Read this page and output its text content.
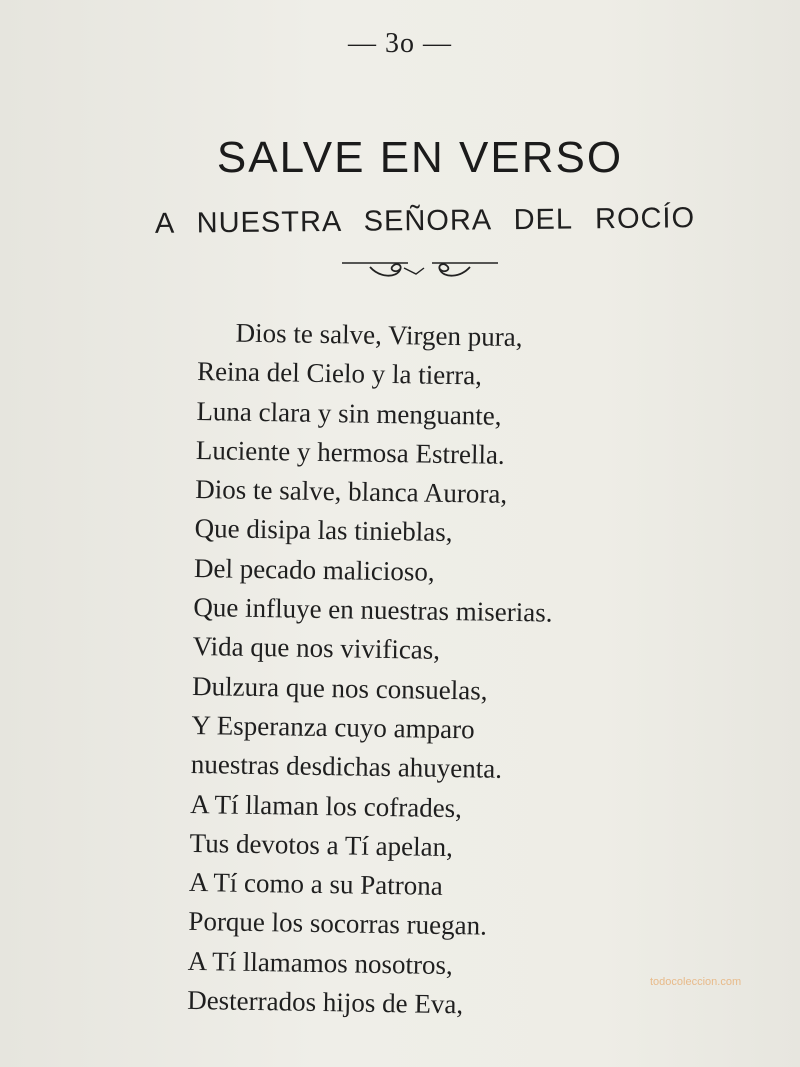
— 3o —
SALVE EN VERSO
A NUESTRA SEÑORA DEL ROCÍO
Dios te salve, Virgen pura,
Reina del Cielo y la tierra,
Luna clara y sin menguante,
Luciente y hermosa Estrella.
Dios te salve, blanca Aurora,
Que disipa las tinieblas,
Del pecado malicioso,
Que influye en nuestras miserias.
Vida que nos vivificas,
Dulzura que nos consuelas,
Y Esperanza cuyo amparo
nuestras desdichas ahuyenta.
A Tí llaman los cofrades,
Tus devotos a Tí apelan,
A Tí como a su Patrona
Porque los socorras ruegan.
A Tí llamamos nosotros,
Desterrados hijos de Eva,
todocoleccion.com
